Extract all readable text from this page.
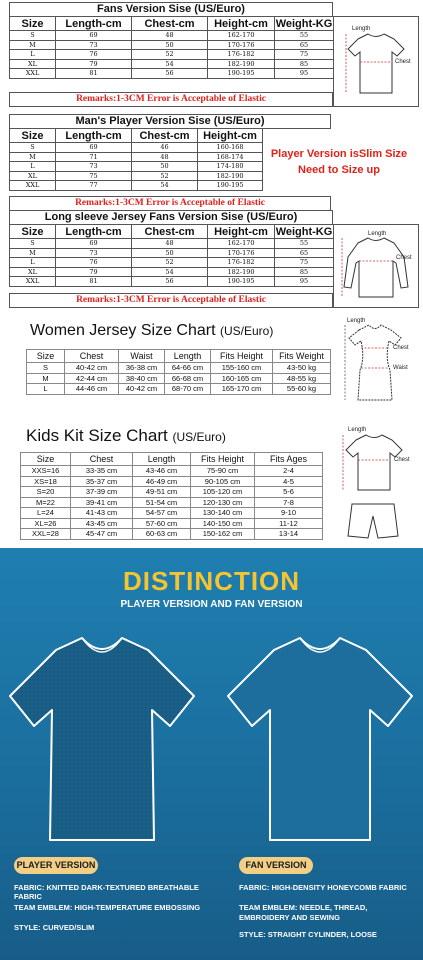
Fans Version Sise (US/Euro)
Size	Length-cm	Chest-cm	Height-cm	Weight-KG
S	69	48	162-170	55
M	73	50	170-176	65
L	76	52	176-182	75
XL	79	54	182-190	85
XXL	81	56	190-195	95
Remarks:1-3CM Error is Acceptable of Elastic
Length
Chest
Man's Player Version Sise (US/Euro)
Size	Length-cm	Chest-cm	Height-cm
S	69	46	160-168
M	71	48	168-174
L	73	50	174-180
XL	75	52	182-190
XXL	77	54	190-195
Player Version isSlim Size Need to Size up
Remarks:1-3CM Error is Acceptable of Elastic
Long sleeve Jersey Fans Version Sise (US/Euro)
Size	Length-cm	Chest-cm	Height-cm	Weight-KG
S	69	48	162-170	55
M	73	50	170-176	65
L	76	52	176-182	75
XL	79	54	182-190	85
XXL	81	56	190-195	95
Remarks:1-3CM Error is Acceptable of Elastic
Length
Chest
Women Jersey Size Chart (US/Euro)
Size	Chest	Waist	Length	Fits Height	Fits Weight
S	40-42 cm	36-38 cm	64-66 cm	155-160 cm	43-50 kg
M	42-44 cm	38-40 cm	66-68 cm	160-165 cm	48-55 kg
L	44-46 cm	40-42 cm	68-70 cm	165-170 cm	55-60 kg
Length
Chest
Waist
Kids Kit Size Chart (US/Euro)
Size	Chest	Length	Fits Height	Fits Ages
XXS=16	33-35 cm	43-46 cm	75-90 cm	2-4
XS=18	35-37 cm	46-49 cm	90-105 cm	4-5
S=20	37-39 cm	49-51 cm	105-120 cm	5-6
M=22	39-41 cm	51-54 cm	120-130 cm	7-8
L=24	41-43 cm	54-57 cm	130-140 cm	9-10
XL=26	43-45 cm	57-60 cm	140-150 cm	11-12
XXL=28	45-47 cm	60-63 cm	150-162 cm	13-14
Length
Chest
DISTINCTION
PLAYER VERSION AND FAN VERSION
PLAYER VERSION	FAN VERSION
FABRIC: KNITTED DARK-TEXTURED BREATHABLE FABRIC
TEAM EMBLEM: HIGH-TEMPERATURE EMBOSSING
STYLE: CURVED/SLIM
FABRIC: HIGH-DENSITY HONEYCOMB FABRIC
TEAM EMBLEM: NEEDLE, THREAD,
EMBROIDERY AND SEWING
STYLE: STRAIGHT CYLINDER, LOOSE
